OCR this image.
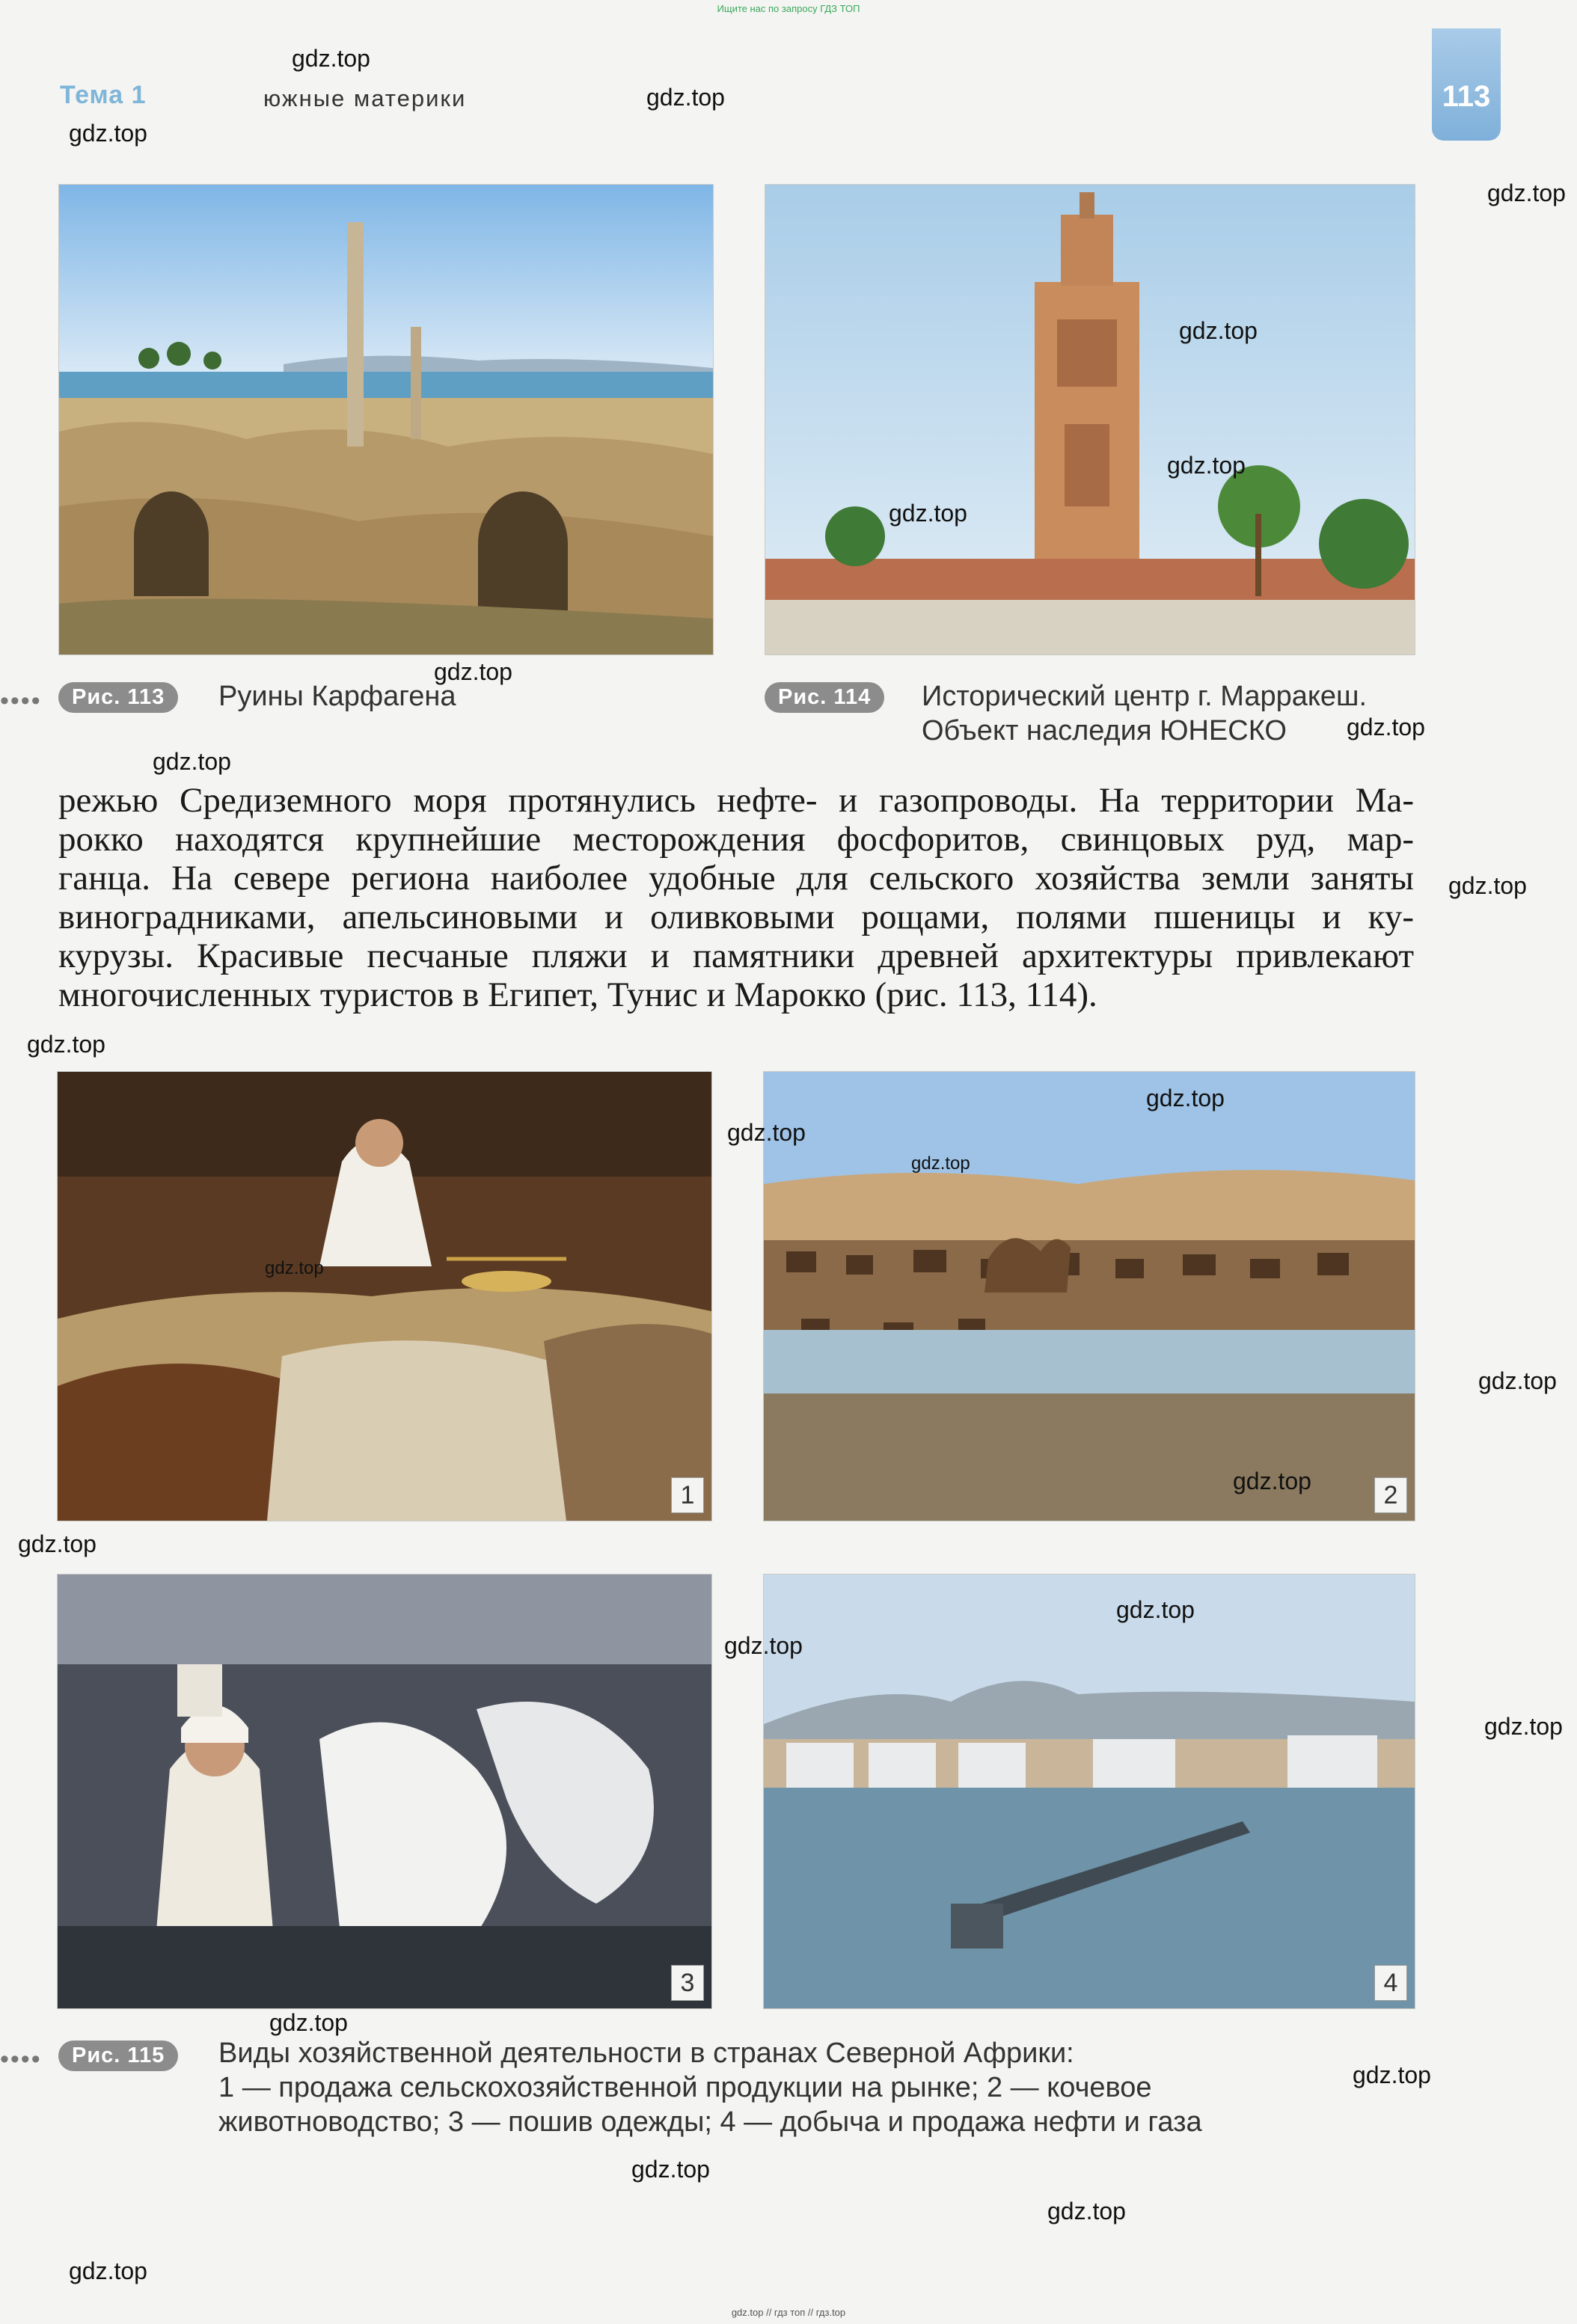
Ищите нас по запросу ГДЗ ТОП
Тема 1	южные материки	113
••••	Рис. 113	Руины Карфагена	Рис. 114	Исторический центр г. Марракеш.
Объект наследия ЮНЕСКО
режью Средиземного моря протянулись нефте- и газопроводы. На территории Ма-
рокко находятся крупнейшие месторождения фосфоритов, свинцовых руд, мар-
ганца. На севере региона наиболее удобные для сельского хозяйства земли заняты
виноградниками, апельсиновыми и оливковыми рощами, полями пшеницы и ку-
курузы. Красивые песчаные пляжи и памятники древней архитектуры привлекают
многочисленных туристов в Египет, Тунис и Марокко (рис. 113, 114).
1	2
3	4
••••	Рис. 115	Виды хозяйственной деятельности в странах Северной Африки:
1 — продажа сельскохозяйственной продукции на рынке; 2 — кочевое
животноводство; 3 — пошив одежды; 4 — добыча и продажа нефти и газа
gdz.top
gdz.top
gdz.top
gdz.top
gdz.top
gdz.top
gdz.top
gdz.top
gdz.top
gdz.top
gdz.top
gdz.top
gdz.top
gdz.top
gdz.top
gdz.top
gdz.top
gdz.top
gdz.top
gdz.top
gdz.top
gdz.top
gdz.top
gdz.top
gdz.top
gdz.top
gdz.top
gdz.top // гдз топ // гдз.top
